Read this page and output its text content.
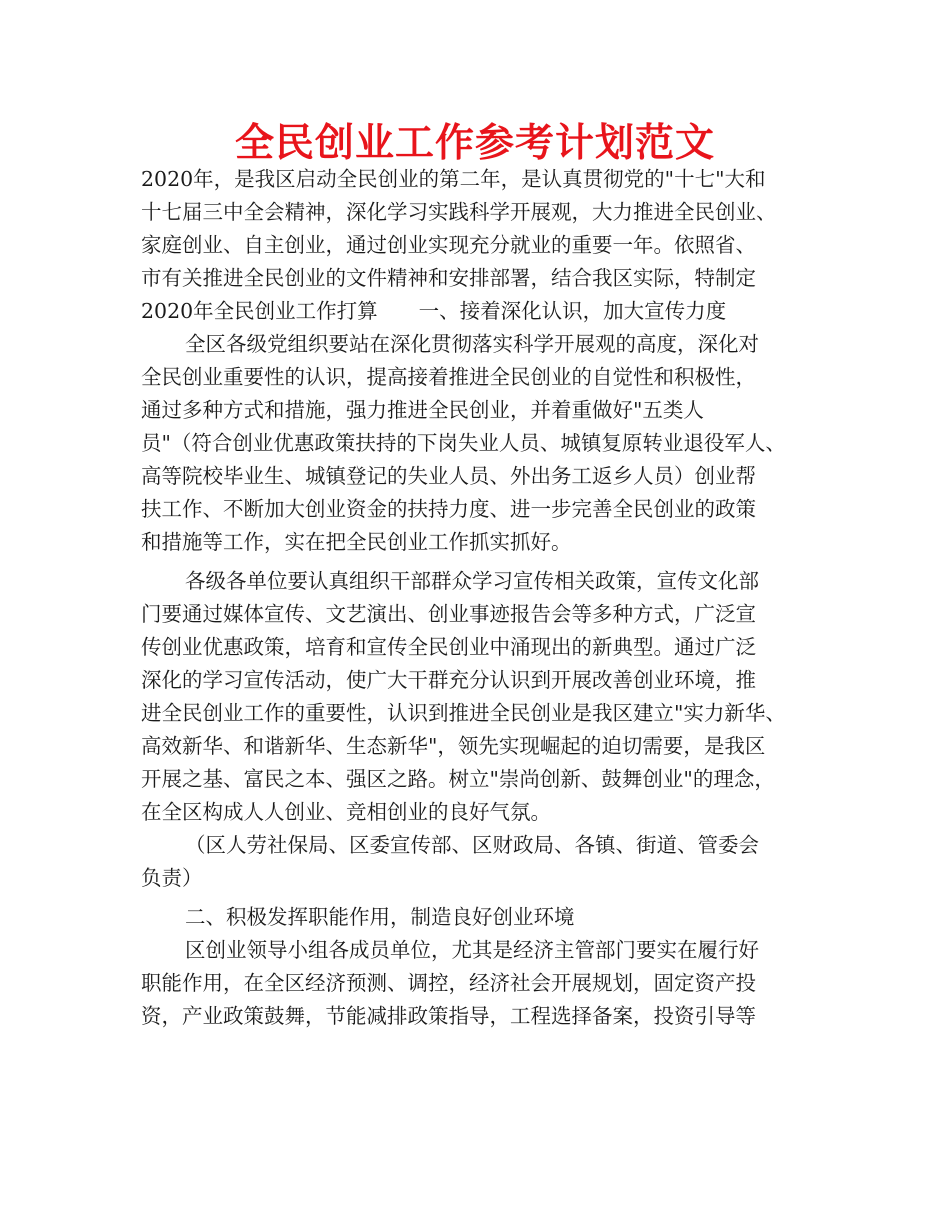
全民创业工作参考计划范文
2020年，是我区启动全民创业的第二年，是认真贯彻党的"十七"大和
十七届三中全会精神，深化学习实践科学开展观，大力推进全民创业、
家庭创业、自主创业，通过创业实现充分就业的重要一年。依照省、
市有关推进全民创业的文件精神和安排部署，结合我区实际，特制定
2020年全民创业工作打算　　一、接着深化认识，加大宣传力度
全区各级党组织要站在深化贯彻落实科学开展观的高度，深化对
全民创业重要性的认识，提高接着推进全民创业的自觉性和积极性，
通过多种方式和措施，强力推进全民创业，并着重做好"五类人
员"（符合创业优惠政策扶持的下岗失业人员、城镇复原转业退役军人、
高等院校毕业生、城镇登记的失业人员、外出务工返乡人员）创业帮
扶工作、不断加大创业资金的扶持力度、进一步完善全民创业的政策
和措施等工作，实在把全民创业工作抓实抓好。
各级各单位要认真组织干部群众学习宣传相关政策，宣传文化部
门要通过媒体宣传、文艺演出、创业事迹报告会等多种方式，广泛宣
传创业优惠政策，培育和宣传全民创业中涌现出的新典型。通过广泛
深化的学习宣传活动，使广大干群充分认识到开展改善创业环境，推
进全民创业工作的重要性，认识到推进全民创业是我区建立"实力新华、
高效新华、和谐新华、生态新华"，领先实现崛起的迫切需要，是我区
开展之基、富民之本、强区之路。树立"崇尚创新、鼓舞创业"的理念，
在全区构成人人创业、竞相创业的良好气氛。
（区人劳社保局、区委宣传部、区财政局、各镇、街道、管委会
负责）
二、积极发挥职能作用，制造良好创业环境
区创业领导小组各成员单位，尤其是经济主管部门要实在履行好
职能作用，在全区经济预测、调控，经济社会开展规划，固定资产投
资，产业政策鼓舞，节能减排政策指导，工程选择备案，投资引导等
